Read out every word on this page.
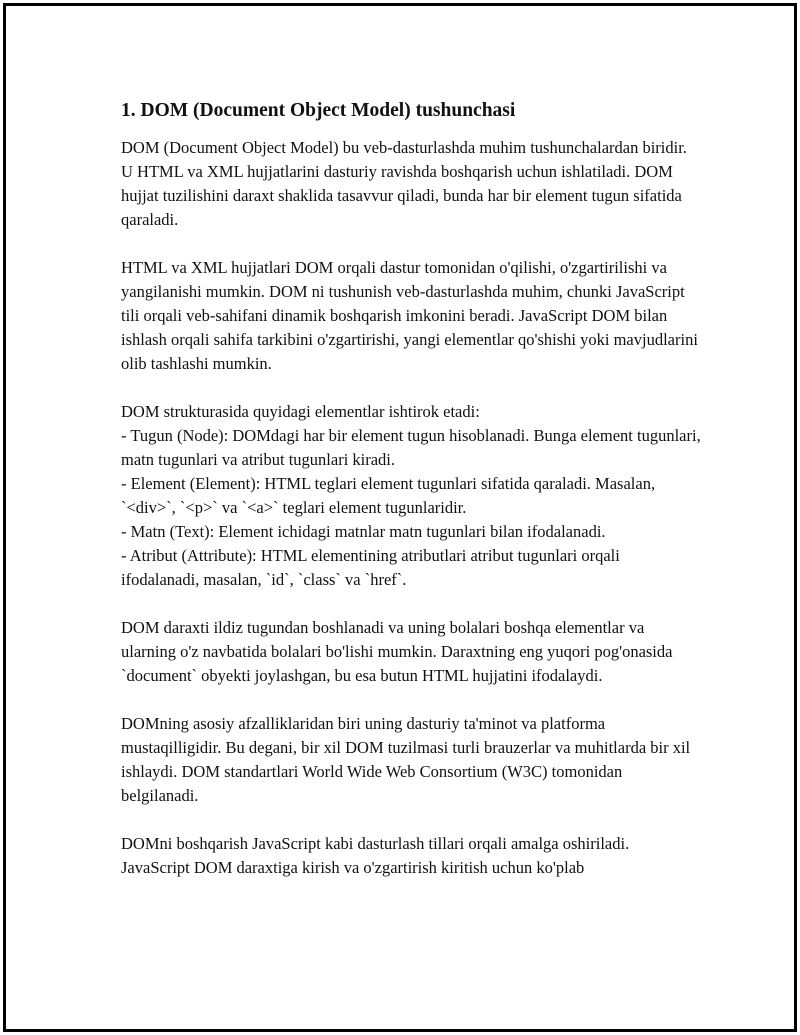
1. DOM (Document Object Model) tushunchasi

DOM (Document Object Model) bu veb-dasturlashda muhim tushunchalardan biridir. U HTML va XML hujjatlarini dasturiy ravishda boshqarish uchun ishlatiladi. DOM hujjat tuzilishini daraxt shaklida tasavvur qiladi, bunda har bir element tugun sifatida qaraladi.

HTML va XML hujjatlari DOM orqali dastur tomonidan o'qilishi, o'zgartirilishi va yangilanishi mumkin. DOM ni tushunish veb-dasturlashda muhim, chunki JavaScript tili orqali veb-sahifani dinamik boshqarish imkonini beradi. JavaScript DOM bilan ishlash orqali sahifa tarkibini o'zgartirishi, yangi elementlar qo'shishi yoki mavjudlarini olib tashlashi mumkin.

DOM strukturasida quyidagi elementlar ishtirok etadi:
- Tugun (Node): DOMdagi har bir element tugun hisoblanadi. Bunga element tugunlari, matn tugunlari va atribut tugunlari kiradi.
- Element (Element): HTML teglari element tugunlari sifatida qaraladi. Masalan, `<div>`, `<p>` va `<a>` teglari element tugunlaridir.
- Matn (Text): Element ichidagi matnlar matn tugunlari bilan ifodalanadi.
- Atribut (Attribute): HTML elementining atributlari atribut tugunlari orqali ifodalanadi, masalan, `id`, `class` va `href`.

DOM daraxti ildiz tugundan boshlanadi va uning bolalari boshqa elementlar va ularning o'z navbatida bolalari bo'lishi mumkin. Daraxtning eng yuqori pog'onasida `document` obyekti joylashgan, bu esa butun HTML hujjatini ifodalaydi.

DOMning asosiy afzalliklaridan biri uning dasturiy ta'minot va platforma mustaqilligidir. Bu degani, bir xil DOM tuzilmasi turli brauzerlar va muhitlarda bir xil ishlaydi. DOM standartlari World Wide Web Consortium (W3C) tomonidan belgilanadi.

DOMni boshqarish JavaScript kabi dasturlash tillari orqali amalga oshiriladi. JavaScript DOM daraxtiga kirish va o'zgartirish kiritish uchun ko'plab
